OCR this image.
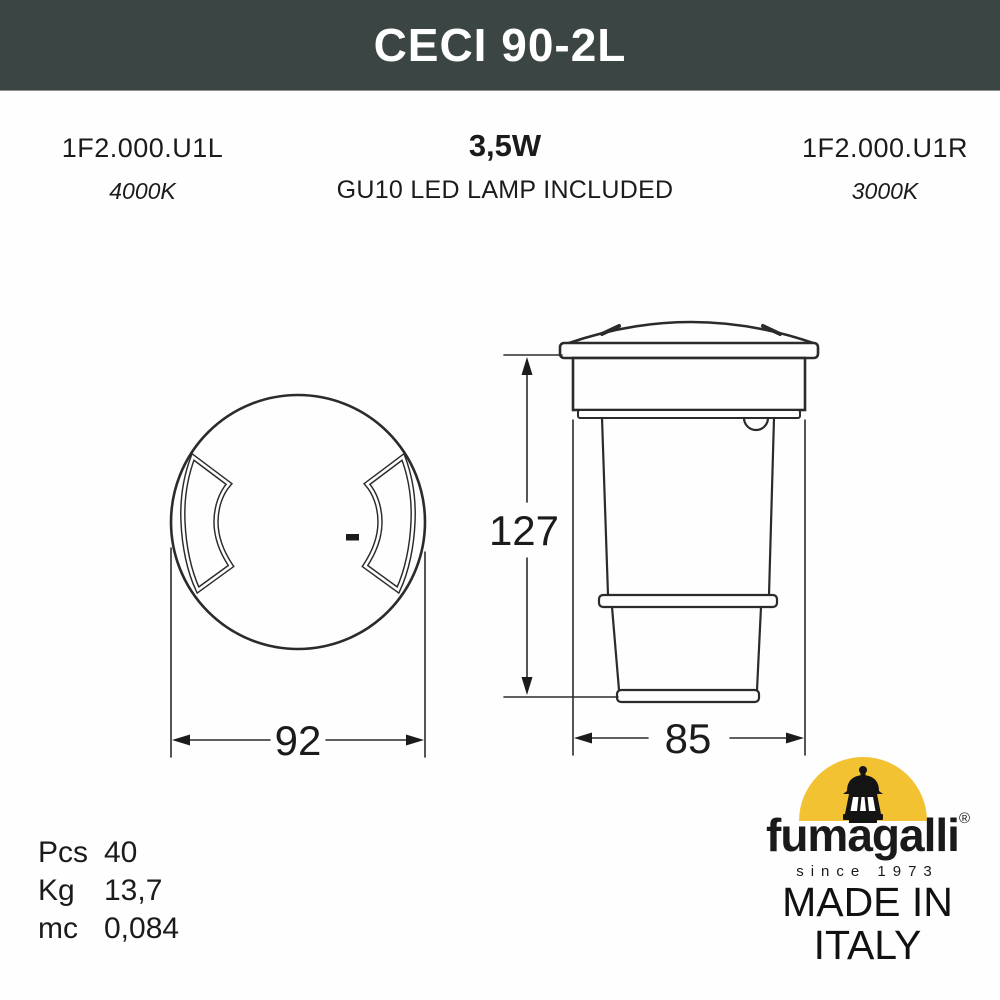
CECI 90-2L
1F2.000.U1L
4000K
3,5W
GU10 LED LAMP INCLUDED
1F2.000.U1R
3000K
92
127
85
Pcs 40
Kg 13,7
mc 0,084
fumagalli®
since 1973
MADE IN
ITALY
